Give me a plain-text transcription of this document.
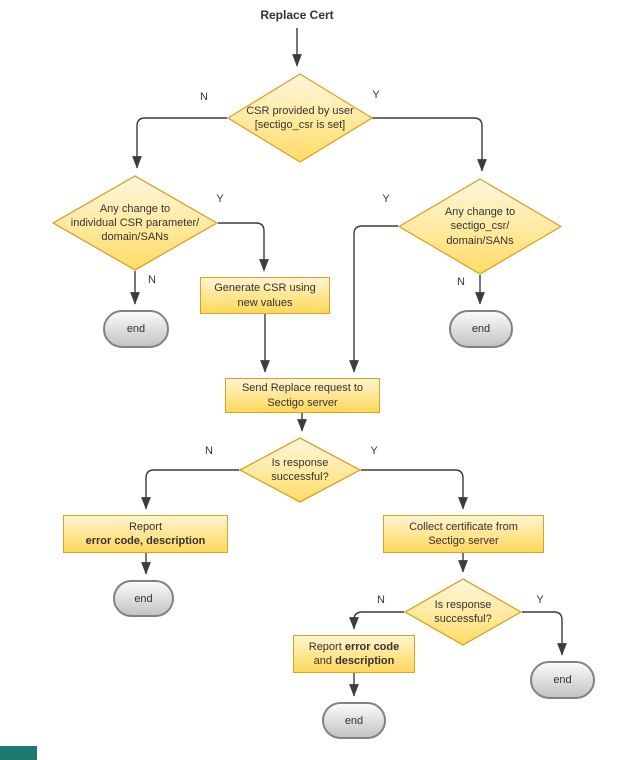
Replace Cert
CSR provided by user
[sectigo_csr is set]
Any change to
individual CSR parameter/
domain/SANs
Any change to
sectigo_csr/
domain/SANs
Generate CSR using
new values
Send Replace request to
Sectigo server
Is response
successful?
Report
error code, description
Collect certificate from
Sectigo server
Is response
successful?
Report error code
and description
end	end
end
end
end
N	Y
Y
N
Y
N
N	Y
N	Y
